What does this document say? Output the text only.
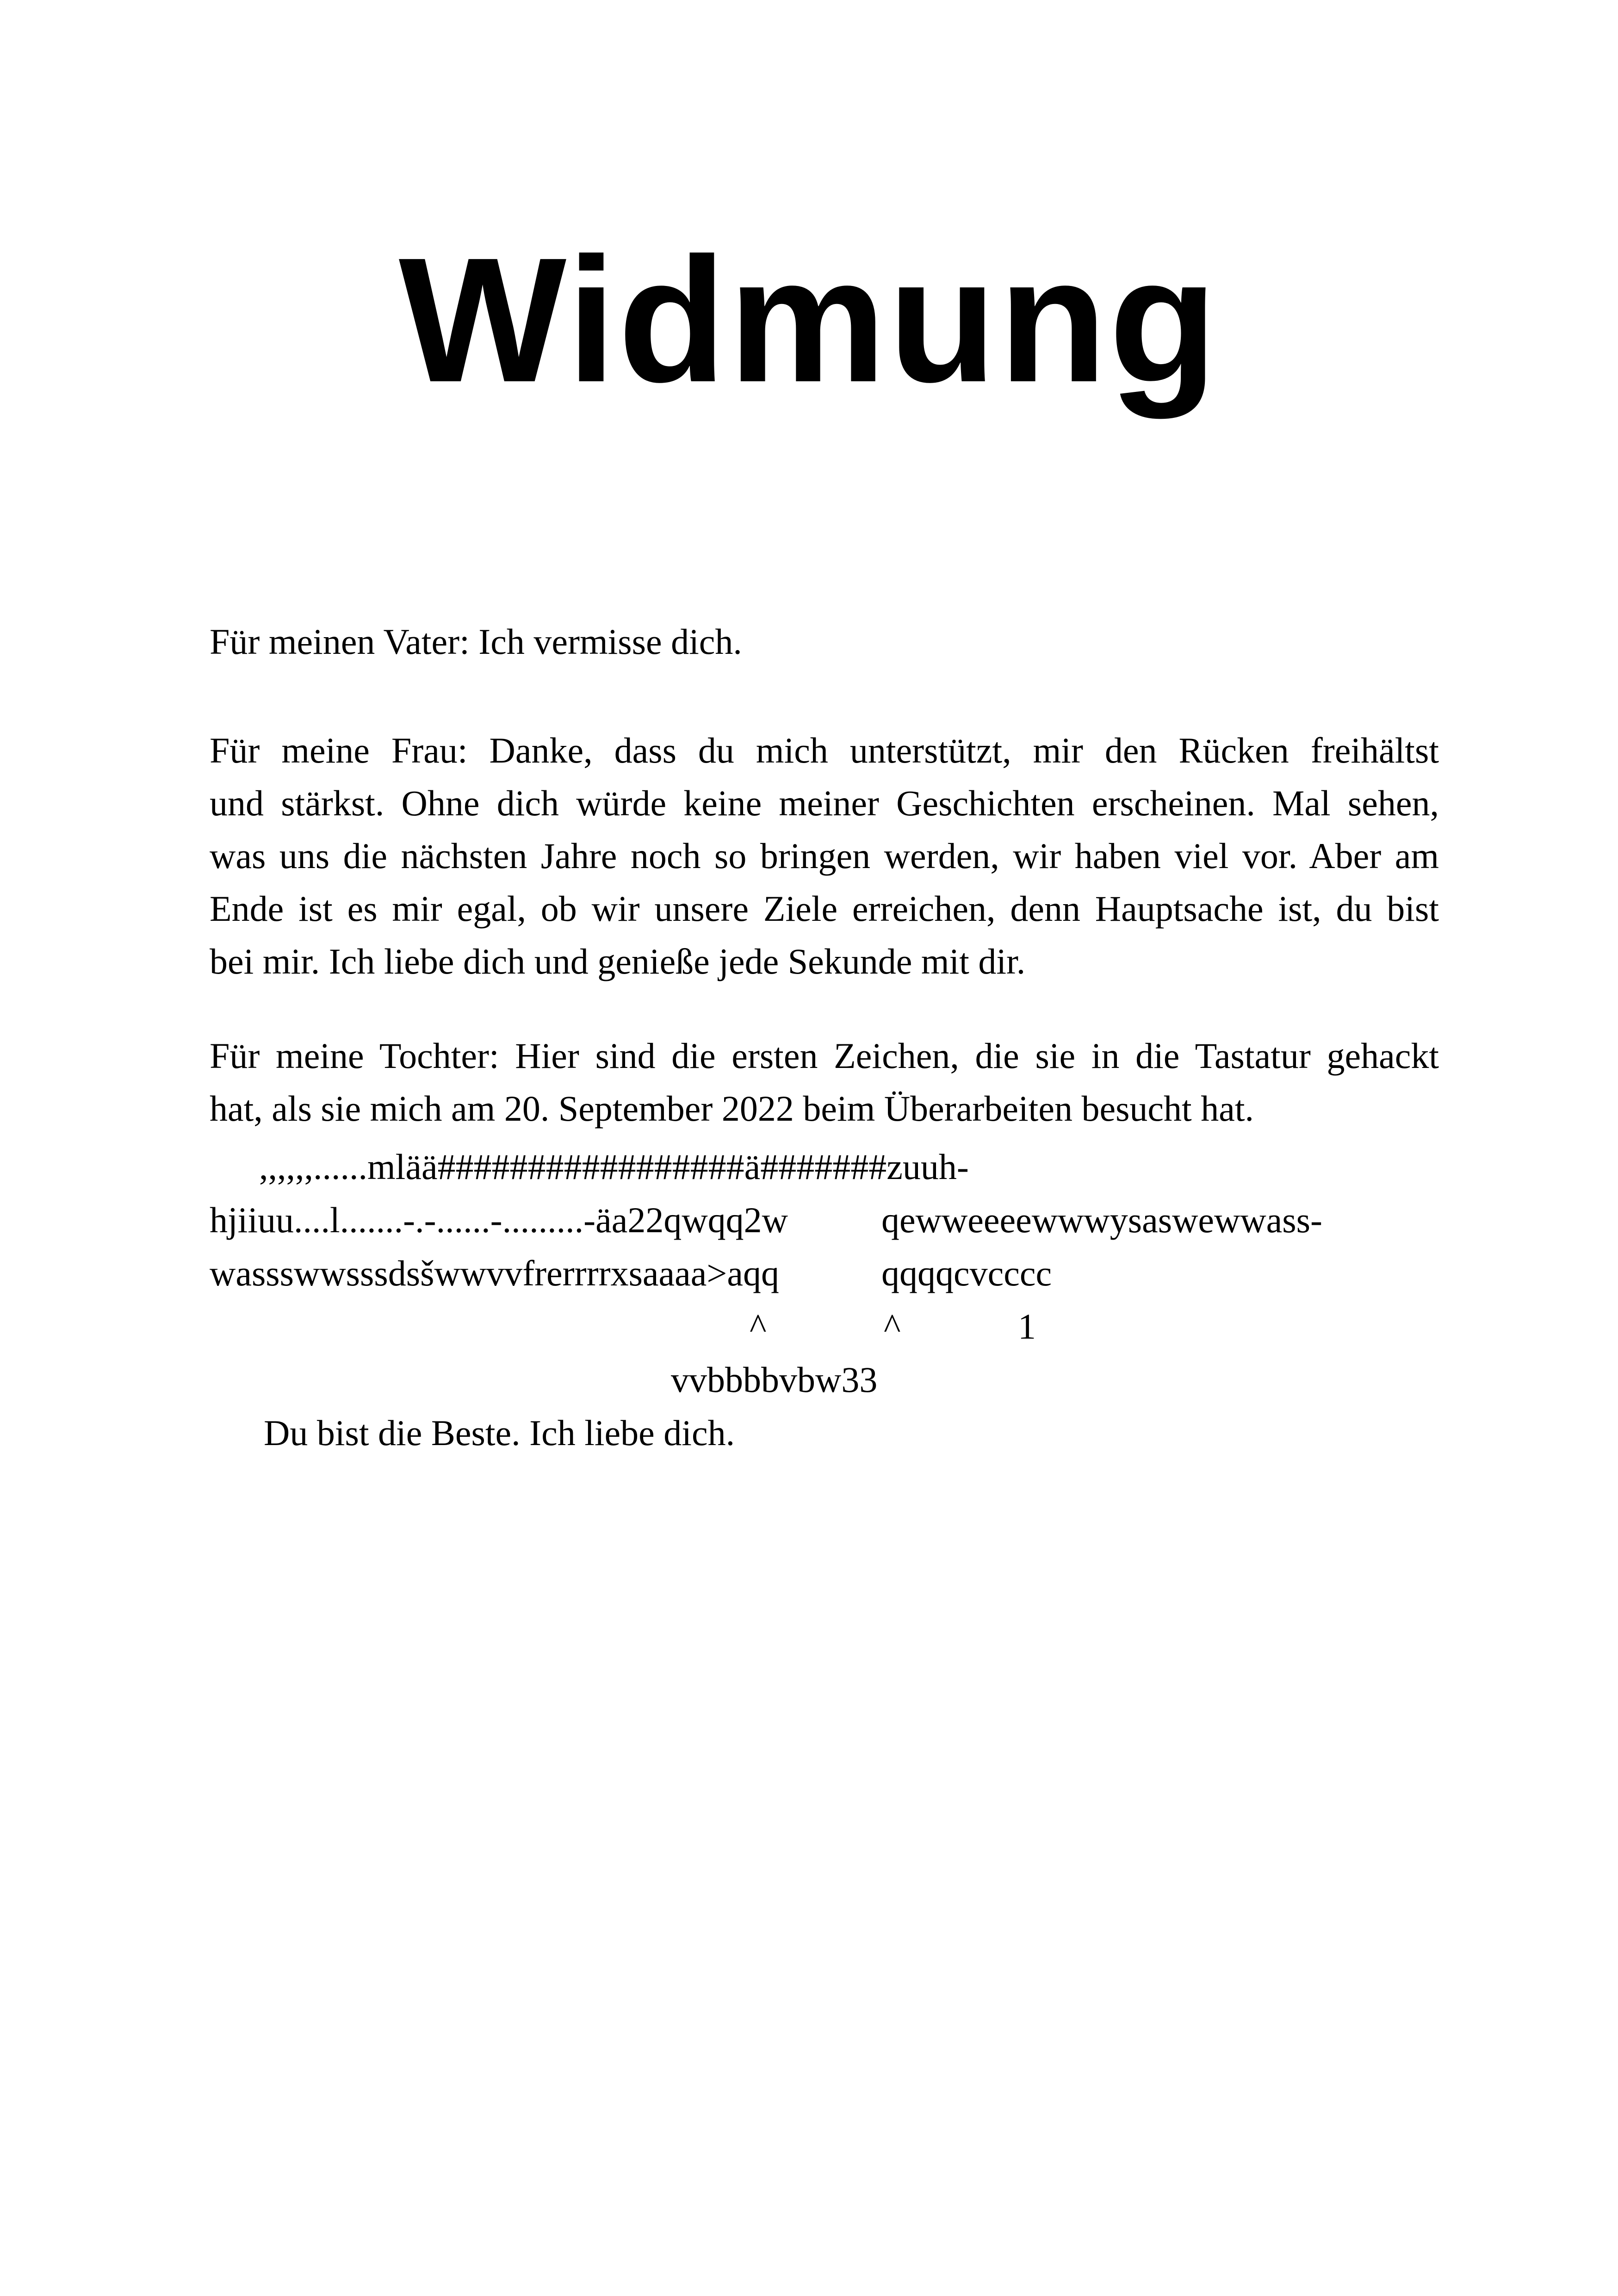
Widmung

Für meinen Vater: Ich vermisse dich.

Für meine Frau: Danke, dass du mich unterstützt, mir den Rücken freihältst
und stärkst. Ohne dich würde keine meiner Geschichten erscheinen. Mal sehen,
was uns die nächsten Jahre noch so bringen werden, wir haben viel vor. Aber am
Ende ist es mir egal, ob wir unsere Ziele erreichen, denn Hauptsache ist, du bist
bei mir. Ich liebe dich und genieße jede Sekunde mit dir.
Für meine Tochter: Hier sind die ersten Zeichen, die sie in die Tastatur gehackt
hat, als sie mich am 20. September 2022 beim Überarbeiten besucht hat.

,,,,,,......mlää#################ä#######zuuh-

hjiiuu....l.......-.-......-.........-äa22qwqq2w	qewweeeewwwysaswewwass-

wassswwsssdsšwwvvfrerrrrxsaaaa>aqq	qqqqcvcccc

^	^	1

vvbbbbvbw33

Du bist die Beste. Ich liebe dich.
